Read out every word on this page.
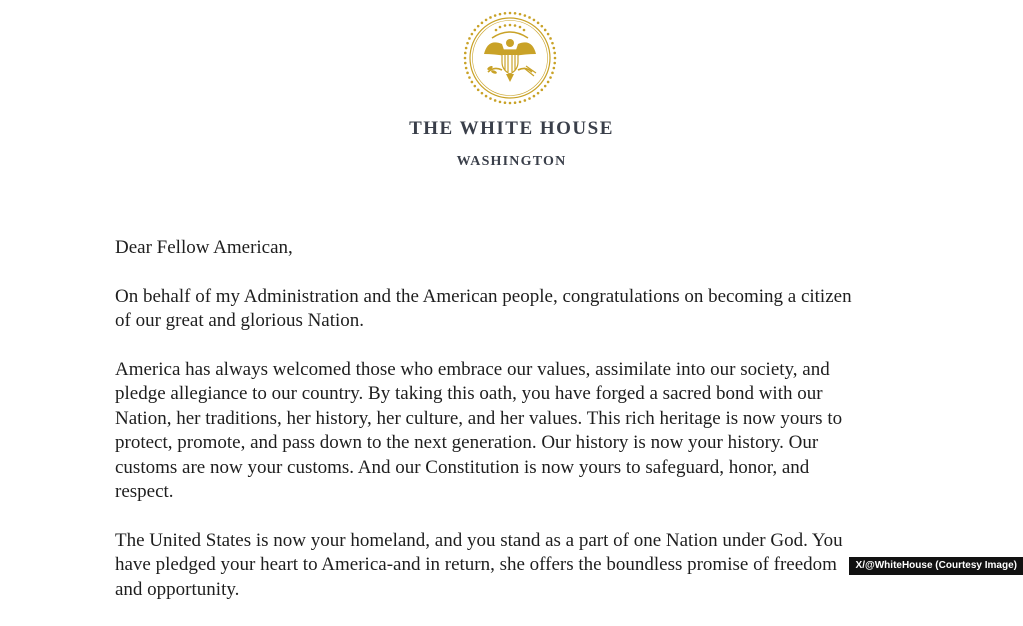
THE WHITE HOUSE
WASHINGTON

Dear Fellow American,

On behalf of my Administration and the American people, congratulations on becoming a citizen
of our great and glorious Nation.

America has always welcomed those who embrace our values, assimilate into our society, and
pledge allegiance to our country. By taking this oath, you have forged a sacred bond with our
Nation, her traditions, her history, her culture, and her values. This rich heritage is now yours to
protect, promote, and pass down to the next generation. Our history is now your history. Our
customs are now your customs. And our Constitution is now yours to safeguard, honor, and
respect.

The United States is now your homeland, and you stand as a part of one Nation under God. You
have pledged your heart to America-and in return, she offers the boundless promise of freedom
and opportunity.

X/@WhiteHouse (Courtesy Image)
